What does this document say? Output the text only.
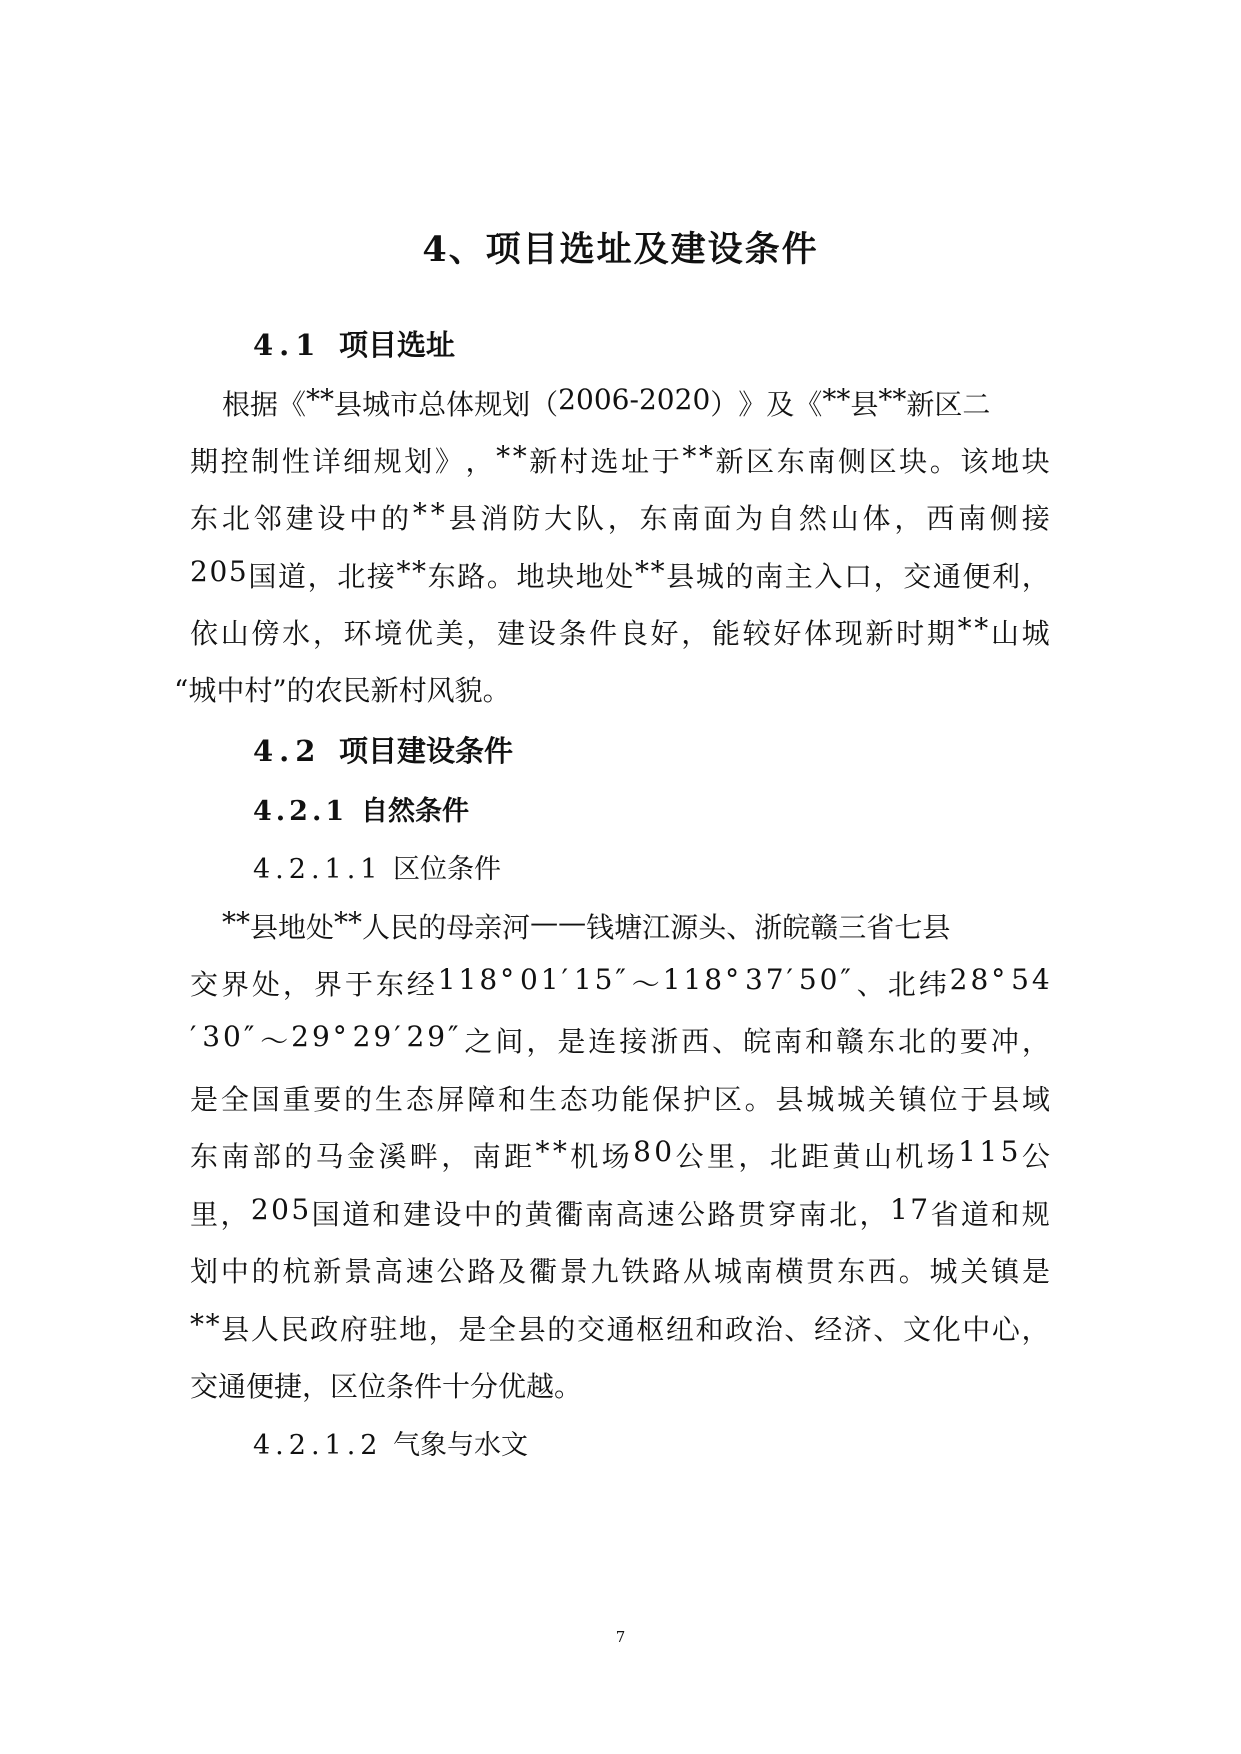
4、项目选址及建设条件
4.1 项目选址
根 据 《 * * 县 城 市 总 体 规 划 （ 2 0 0 6 - 2 0 2 0 ） 》 及 《 * * 县 * * 新 区 二
期 控 制 性 详 细 规 划 》 ， * * 新 村 选 址 于 * * 新 区 东 南 侧 区 块 。 该 地 块
东 北 邻 建 设 中 的 * * 县 消 防 大 队 ， 东 南 面 为 自 然 山 体 ， 西 南 侧 接
2 0 5 国 道 ， 北 接 * * 东 路 。 地 块 地 处 * * 县 城 的 南 主 入 口 ， 交 通 便 利 ，
依 山 傍 水 ， 环 境 优 美 ， 建 设 条 件 良 好 ， 能 较 好 体 现 新 时 期 * * 山 城
“城中村”的农民新村风貌。
4.2 项目建设条件
4.2.1 自然条件
4.2.1.1 区位条件
* * 县 地 处 * * 人 民 的 母 亲 河 — — 钱 塘 江 源 头 、 浙 皖 赣 三 省 七 县
交 界 处 ， 界 于 东 经 1 1 8 ° 0 1 ′ 1 5 ″ ～ 1 1 8 ° 3 7 ′ 5 0 ″ 、 北 纬 2 8 ° 5 4
′ 3 0 ″ ～ 2 9 ° 2 9 ′ 2 9 ″ 之 间 ， 是 连 接 浙 西 、 皖 南 和 赣 东 北 的 要 冲 ，
是 全 国 重 要 的 生 态 屏 障 和 生 态 功 能 保 护 区 。 县 城 城 关 镇 位 于 县 域
东 南 部 的 马 金 溪 畔 ， 南 距 * * 机 场 8 0 公 里 ， 北 距 黄 山 机 场 1 1 5 公
里 ， 2 0 5 国 道 和 建 设 中 的 黄 衢 南 高 速 公 路 贯 穿 南 北 ， 1 7 省 道 和 规
划 中 的 杭 新 景 高 速 公 路 及 衢 景 九 铁 路 从 城 南 横 贯 东 西 。 城 关 镇 是
* * 县 人 民 政 府 驻 地 ， 是 全 县 的 交 通 枢 纽 和 政 治 、 经 济 、 文 化 中 心 ，
交通便捷，区位条件十分优越。
4.2.1.2 气象与水文
7
